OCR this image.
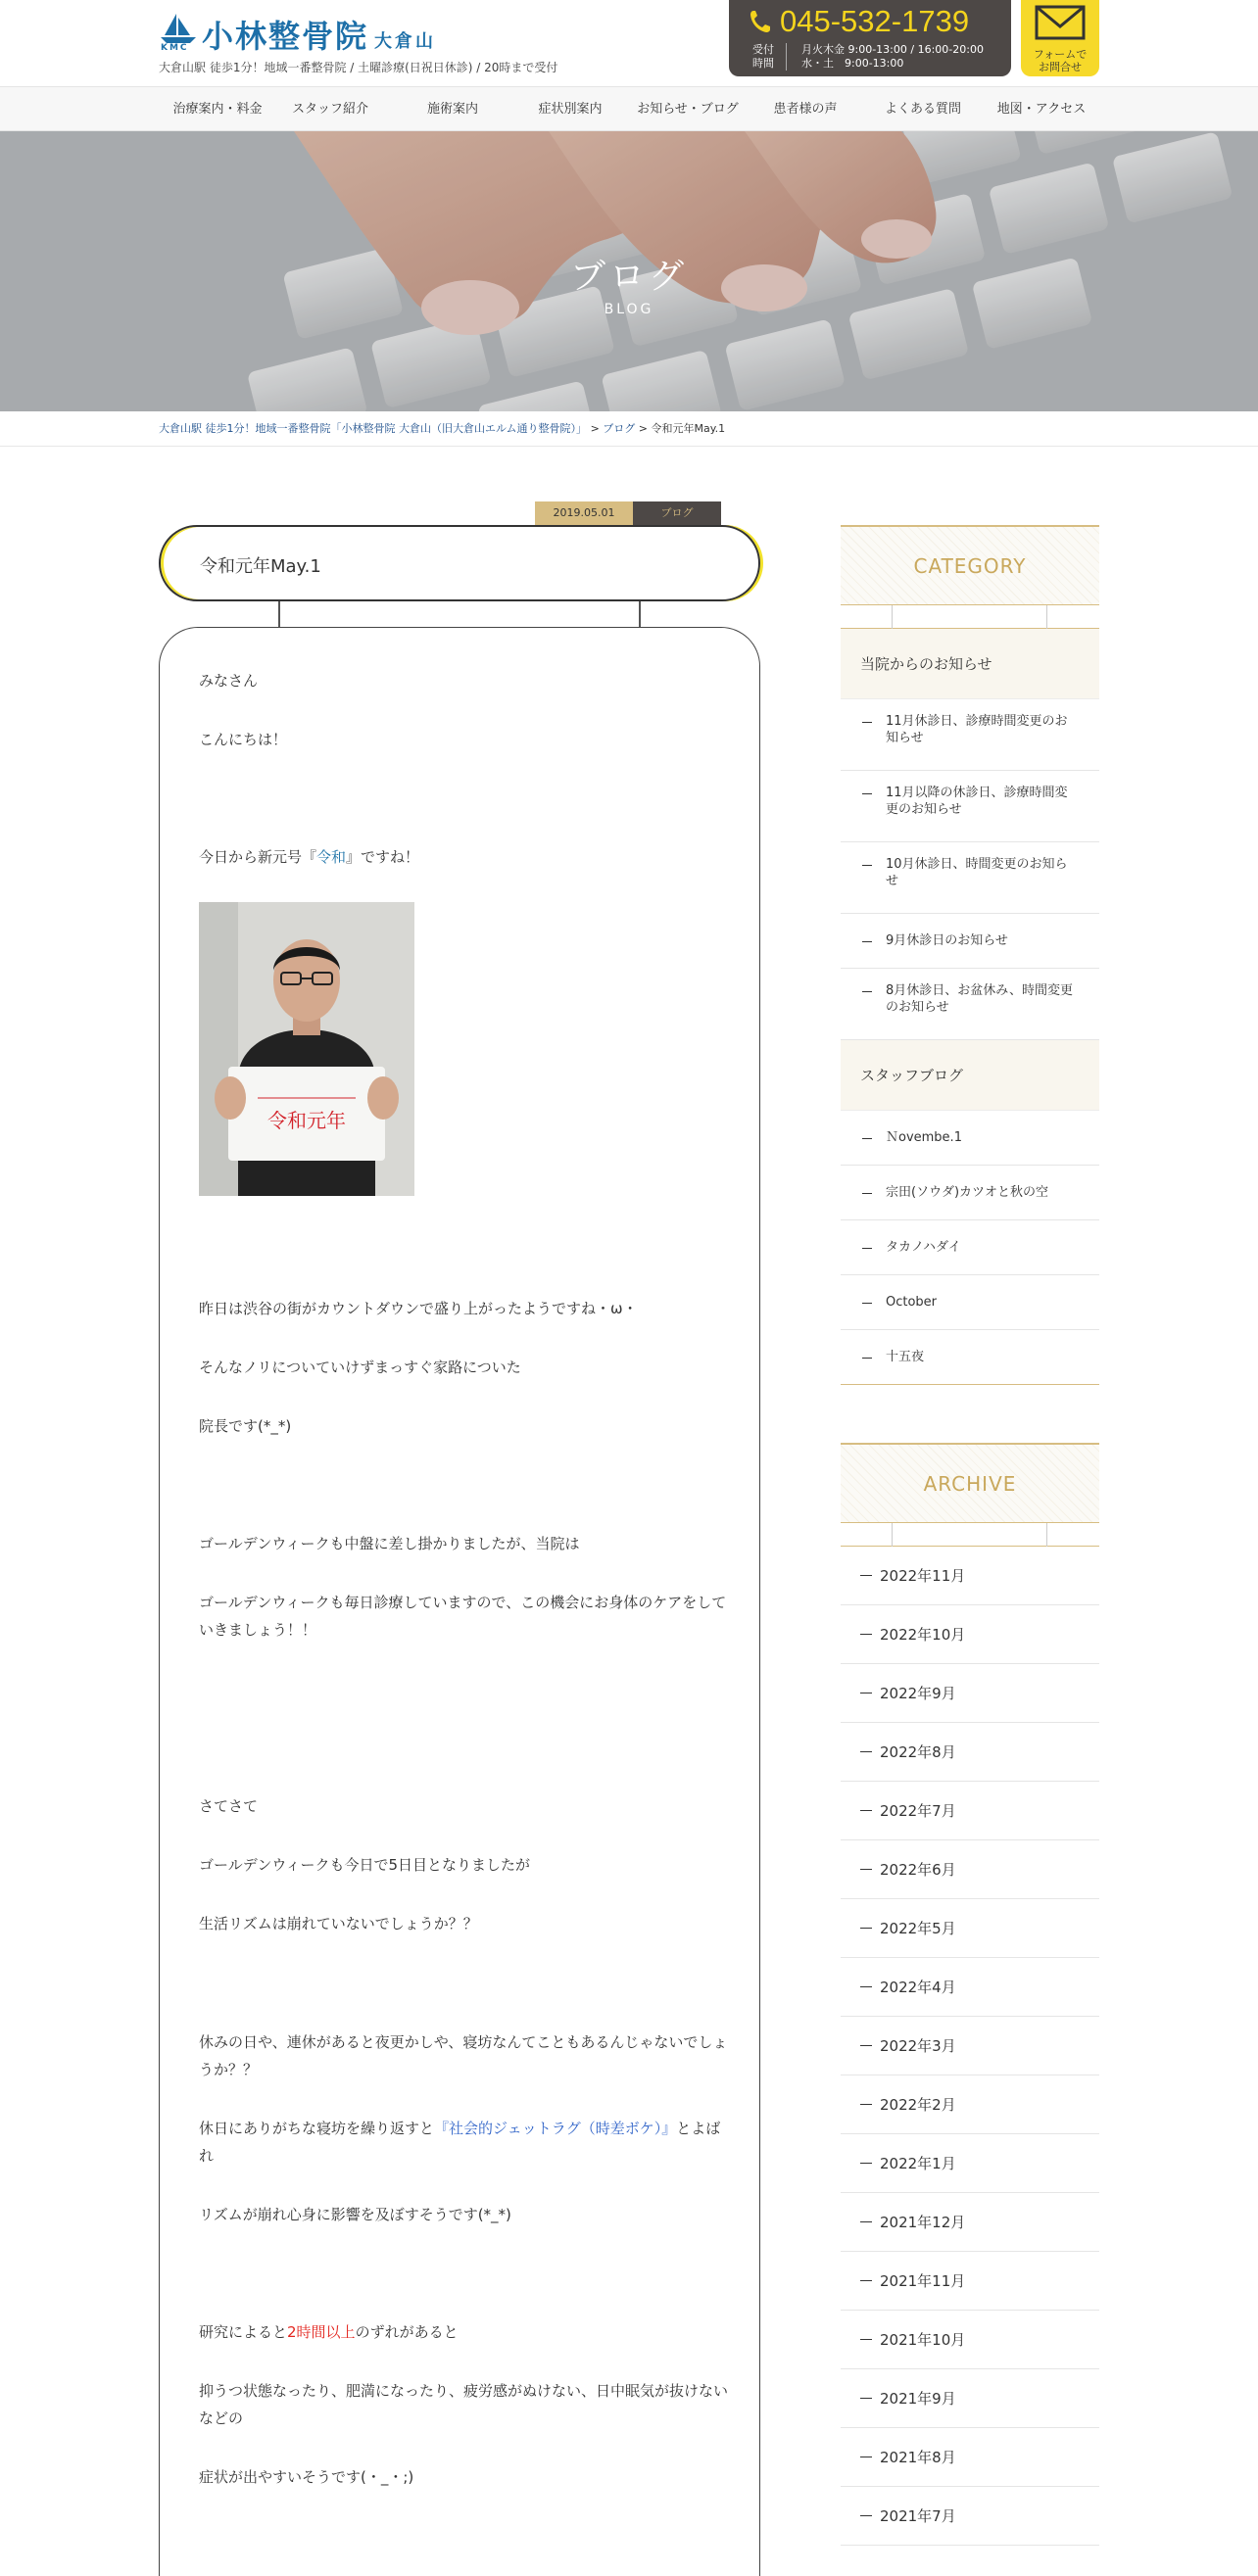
KMC 小林整骨院 大倉山
大倉山駅 徒歩1分！地域一番整骨院 / 土曜診療(日祝日休診) / 20時まで受付
045-532-1739
受付時間
月火木金 9:00-13:00 / 16:00-20:00
水・土　9:00-13:00
フォームで
お問合せ
治療案内・料金	スタッフ紹介	施術案内	症状別案内	お知らせ・ブログ	患者様の声	よくある質問	地図・アクセス
ブログ
BLOG
大倉山駅 徒歩1分！地域一番整骨院「小林整骨院 大倉山（旧大倉山エルム通り整骨院）」 > ブログ > 令和元年May.1
2019.05.01	ブログ
令和元年May.1
みなさん
こんにちは！
今日から新元号『令和』ですね！
令和元年
昨日は渋谷の街がカウントダウンで盛り上がったようですね・ω・
そんなノリについていけずまっすぐ家路についた
院長です(*_*)
ゴールデンウィークも中盤に差し掛かりましたが、当院は
ゴールデンウィークも毎日診療していますので、この機会にお身体のケアをしていきましょう！！
さてさて
ゴールデンウィークも今日で5日目となりましたが
生活リズムは崩れていないでしょうか？？
休みの日や、連休があると夜更かしや、寝坊なんてこともあるんじゃないでしょうか？？
休日にありがちな寝坊を繰り返すと『社会的ジェットラグ（時差ボケ）』とよばれ
リズムが崩れ心身に影響を及ぼすそうです(*_*)
研究によると2時間以上のずれがあると
抑うつ状態なったり、肥満になったり、疲労感がぬけない、日中眠気が抜けないなどの
症状が出やすいそうです(・_・;)
CATEGORY
当院からのお知らせ
11月休診日、診療時間変更のお知らせ
11月以降の休診日、診療時間変更のお知らせ
10月休診日、時間変更のお知らせ
9月休診日のお知らせ
8月休診日、お盆休み、時間変更のお知らせ
スタッフブログ
Ｎovembe.1
宗田(ソウダ)カツオと秋の空
タカノハダイ
October
十五夜
ARCHIVE
2022年11月
2022年10月
2022年9月
2022年8月
2022年7月
2022年6月
2022年5月
2022年4月
2022年3月
2022年2月
2022年1月
2021年12月
2021年11月
2021年10月
2021年9月
2021年8月
2021年7月
